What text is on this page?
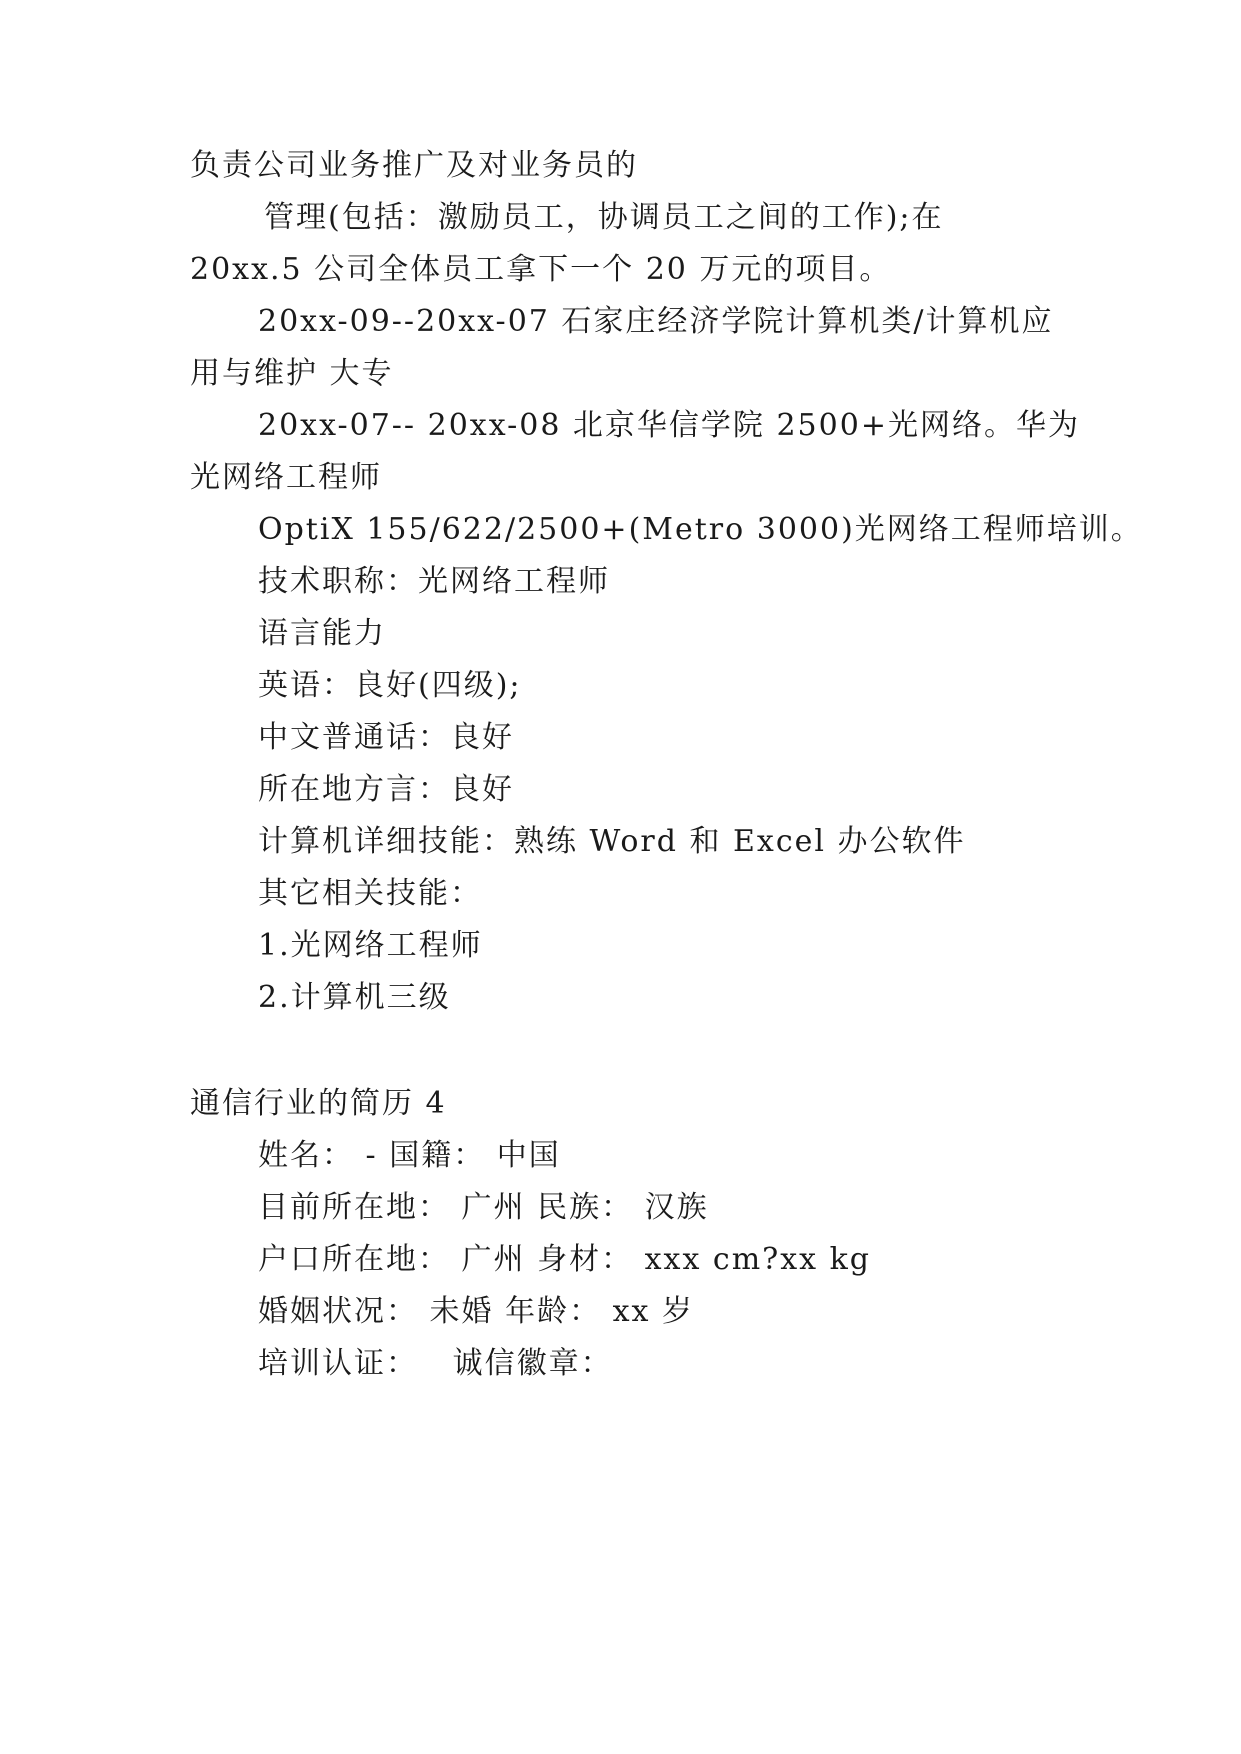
负责公司业务推广及对业务员的
管理(包括：激励员工，协调员工之间的工作);在
20xx.5 公司全体员工拿下一个 20 万元的项目。
20xx-09--20xx-07 石家庄经济学院计算机类/计算机应
用与维护 大专
20xx-07-- 20xx-08 北京华信学院 2500+光网络。华为
光网络工程师
OptiX 155/622/2500+(Metro 3000)光网络工程师培训。
技术职称：光网络工程师
语言能力
英语：良好(四级);
中文普通话：良好
所在地方言：良好
计算机详细技能：熟练 Word 和 Excel 办公软件
其它相关技能：
1.光网络工程师
2.计算机三级
通信行业的简历 4
姓名： - 国籍： 中国
目前所在地： 广州 民族： 汉族
户口所在地： 广州 身材： xxx cm?xx kg
婚姻状况： 未婚 年龄： xx 岁
培训认证：   诚信徽章：
